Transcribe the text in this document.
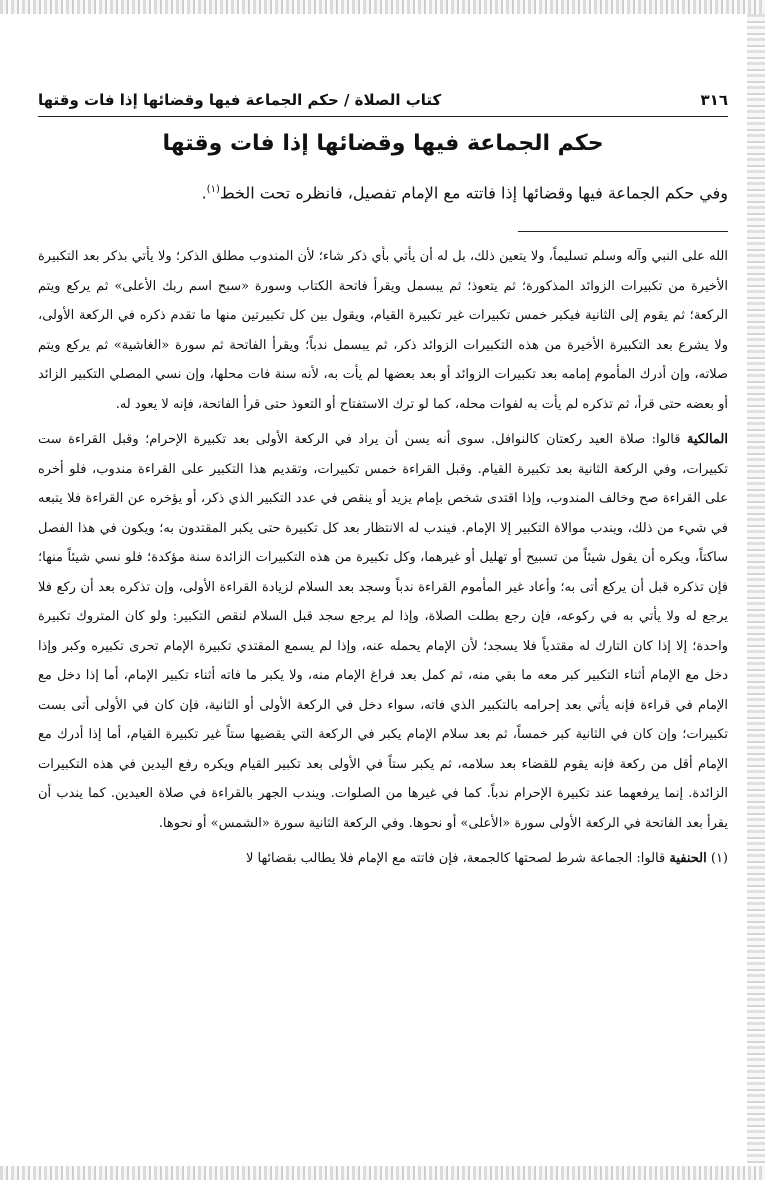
٣١٦
كتاب الصلاة / حكم الجماعة فيها وقضائها إذا فات وقتها
حكم الجماعة فيها وقضائها إذا فات وقتها

وفي حكم الجماعة فيها وقضائها إذا فاتته مع الإمام تفصيل، فانظره تحت الخط$^{(١)}$.

الله على النبي وآله وسلم تسليماً، ولا يتعين ذلك، بل له أن يأتي بأي ذكر شاء؛ لأن المندوب مطلق الذكر؛ ولا يأتي بذكر بعد التكبيرة الأخيرة من تكبيرات الزوائد المذكورة؛ ثم يتعوذ؛ ثم يبسمل ويقرأ فاتحة الكتاب وسورة «سبح اسم ربك الأعلى» ثم يركع ويتم الركعة؛ ثم يقوم إلى الثانية فيكبر خمس تكبيرات غير تكبيرة القيام، ويقول بين كل تكبيرتين منها ما تقدم ذكره في الركعة الأولى، ولا يشرع بعد التكبيرة الأخيرة من هذه التكبيرات الزوائد ذكر، ثم يبسمل ندباً؛ ويقرأ الفاتحة ثم سورة «الغاشية» ثم يركع ويتم صلاته، وإن أدرك المأموم إمامه بعد تكبيرات الزوائد أو بعد بعضها لم يأت به، لأنه سنة فات محلها، وإن نسي المصلي التكبير الزائد أو بعضه حتى قرأ، ثم تذكره لم يأت به لفوات محله، كما لو ترك الاستفتاح أو التعوذ حتى قرأ الفاتحة، فإنه لا يعود له.

المالكية قالوا: صلاة العيد ركعتان كالنوافل. سوى أنه يسن أن يراد في الركعة الأولى بعد تكبيرة الإحرام؛ وقبل القراءة ست تكبيرات، وفي الركعة الثانية بعد تكبيرة القيام. وقبل القراءة خمس تكبيرات، وتقديم هذا التكبير على القراءة مندوب، فلو أخره على القراءة صح وخالف المندوب، وإذا اقتدى شخص بإمام يزيد أو ينقص في عدد التكبير الذي ذكر، أو يؤخره عن القراءة فلا يتبعه في شيء من ذلك، ويندب موالاة التكبير إلا الإمام. فيندب له الانتظار بعد كل تكبيرة حتى يكبر المقتدون به؛ ويكون في هذا الفصل ساكتاً، ويكره أن يقول شيئاً من تسبيح أو تهليل أو غيرهما، وكل تكبيرة من هذه التكبيرات الزائدة سنة مؤكدة؛ فلو نسي شيئاً منها؛ فإن تذكره قبل أن يركع أتى به؛ وأعاد غير المأموم القراءة ندباً وسجد بعد السلام لزيادة القراءة الأولى، وإن تذكره بعد أن ركع فلا يرجع له ولا يأتي به في ركوعه، فإن رجع بطلت الصلاة، وإذا لم يرجع سجد قبل السلام لنقص التكبير: ولو كان المتروك تكبيرة واحدة؛ إلا إذا كان التارك له مقتدياً فلا يسجد؛ لأن الإمام يحمله عنه، وإذا لم يسمع المقتدي تكبيرة الإمام تحرى تكبيره وكبر وإذا دخل مع الإمام أثناء التكبير كبر معه ما بقي منه، ثم كمل بعد فراغ الإمام منه، ولا يكبر ما فاته أثناء تكبير الإمام، أما إذا دخل مع الإمام في قراءة فإنه يأتي بعد إحرامه بالتكبير الذي فاته، سواء دخل في الركعة الأولى أو الثانية، فإن كان في الأولى أتى بست تكبيرات؛ وإن كان في الثانية كبر خمساً، ثم بعد سلام الإمام يكبر في الركعة التي يقضيها ستاً غير تكبيرة القيام، أما إذا أدرك مع الإمام أقل من ركعة فإنه يقوم للقضاء بعد سلامه، ثم يكبر ستاً في الأولى بعد تكبير القيام ويكره رفع اليدين في هذه التكبيرات الزائدة. إنما يرفعهما عند تكبيرة الإحرام ندباً. كما في غيرها من الصلوات. ويندب الجهر بالقراءة في صلاة العيدين. كما يندب أن يقرأ بعد الفاتحة في الركعة الأولى سورة «الأعلى» أو نحوها. وفي الركعة الثانية سورة «الشمس» أو نحوها.

(١) الحنفية قالوا: الجماعة شرط لصحتها كالجمعة، فإن فاتته مع الإمام فلا يطالب بقضائها لا
